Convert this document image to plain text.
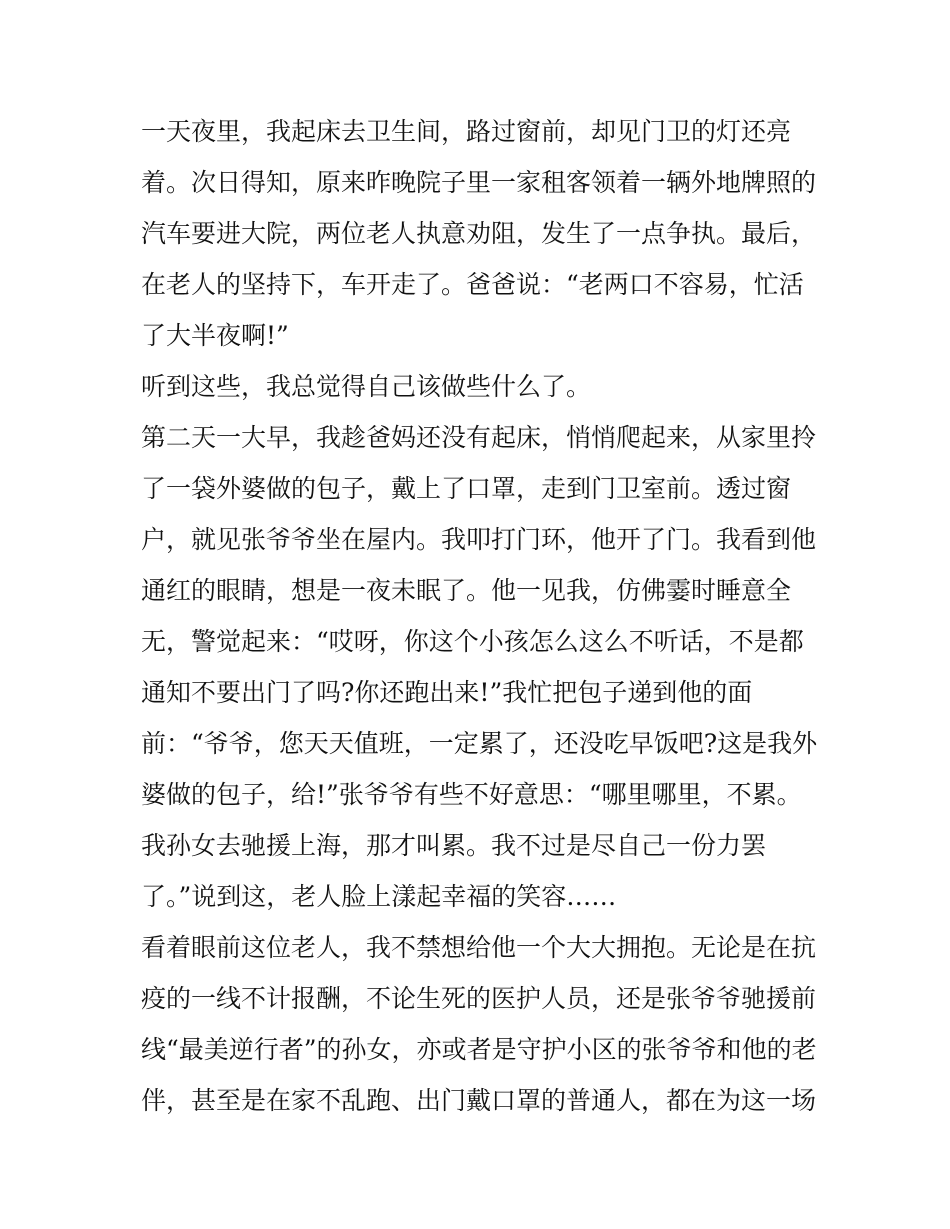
一天夜里，我起床去卫生间，路过窗前，却见门卫的灯还亮
着。次日得知，原来昨晚院子里一家租客领着一辆外地牌照的
汽车要进大院，两位老人执意劝阻，发生了一点争执。最后，
在老人的坚持下，车开走了。爸爸说：“老两口不容易，忙活
了大半夜啊!”
听到这些，我总觉得自己该做些什么了。
第二天一大早，我趁爸妈还没有起床，悄悄爬起来，从家里拎
了一袋外婆做的包子，戴上了口罩，走到门卫室前。透过窗
户，就见张爷爷坐在屋内。我叩打门环，他开了门。我看到他
通红的眼睛，想是一夜未眠了。他一见我，仿佛霎时睡意全
无，警觉起来：“哎呀，你这个小孩怎么这么不听话，不是都
通知不要出门了吗?你还跑出来!”我忙把包子递到他的面
前：“爷爷，您天天值班，一定累了，还没吃早饭吧?这是我外
婆做的包子，给!”张爷爷有些不好意思：“哪里哪里，不累。
我孙女去驰援上海，那才叫累。我不过是尽自己一份力罢
了。”说到这，老人脸上漾起幸福的笑容……
看着眼前这位老人，我不禁想给他一个大大拥抱。无论是在抗
疫的一线不计报酬，不论生死的医护人员，还是张爷爷驰援前
线“最美逆行者”的孙女，亦或者是守护小区的张爷爷和他的老
伴，甚至是在家不乱跑、出门戴口罩的普通人，都在为这一场
